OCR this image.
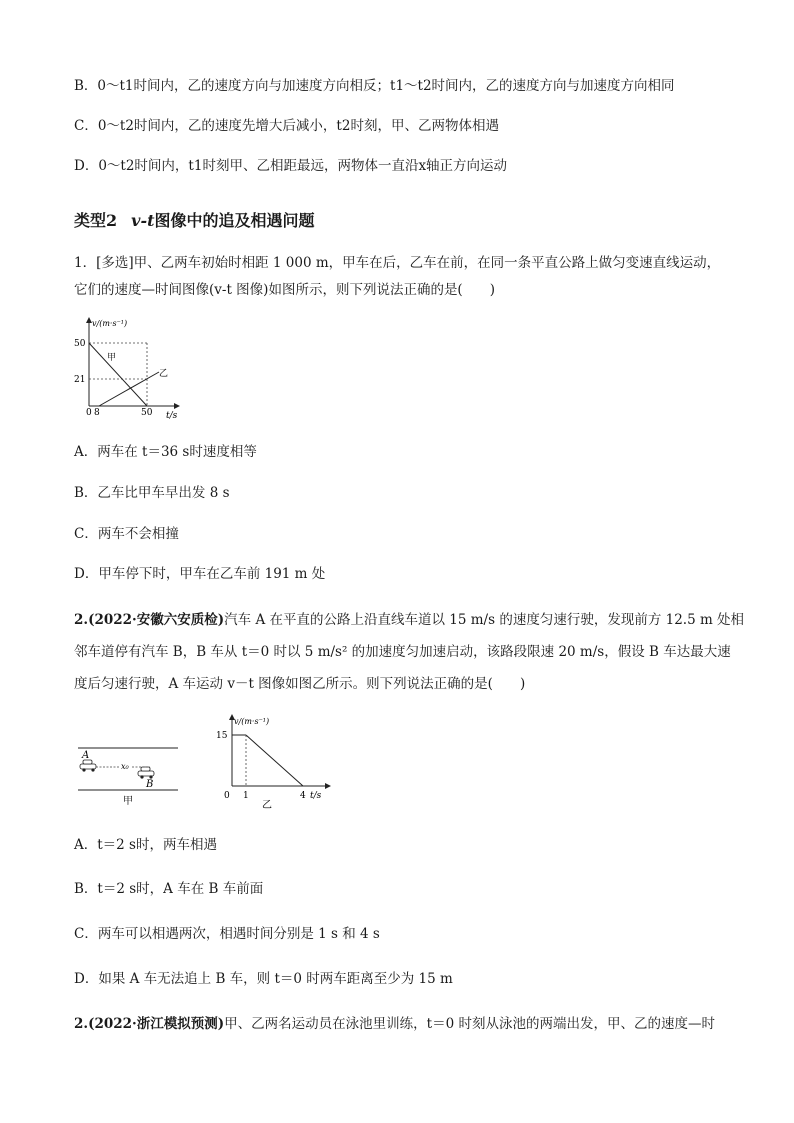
B．0～t1时间内，乙的速度方向与加速度方向相反；t1～t2时间内，乙的速度方向与加速度方向相同
C．0～t2时间内，乙的速度先增大后减小，t2时刻，甲、乙两物体相遇
D．0～t2时间内，t1时刻甲、乙相距最远，两物体一直沿x轴正方向运动
类型2 v-t图像中的追及相遇问题
1．[多选]甲、乙两车初始时相距 1 000 m，甲车在后，乙车在前，在同一条平直公路上做匀变速直线运动，
它们的速度—时间图像(v-t 图像)如图所示，则下列说法正确的是(　　)
v/(m·s⁻¹)
50
21
0 8	50 t/s
甲
乙
A．两车在 t＝36 s时速度相等
B．乙车比甲车早出发 8 s
C．两车不会相撞
D．甲车停下时，甲车在乙车前 191 m 处
2.(2022·安徽六安质检)汽车 A 在平直的公路上沿直线车道以 15 m/s 的速度匀速行驶，发现前方 12.5 m 处相
邻车道停有汽车 B，B 车从 t＝0 时以 5 m/s² 的加速度匀加速启动，该路段限速 20 m/s，假设 B 车达最大速
度后匀速行驶，A 车运动 v－t 图像如图乙所示。则下列说法正确的是(　　)
A
x₀
B
甲
v/(m·s⁻¹)
15
0 1	4 t/s
乙
A．t＝2 s时，两车相遇
B．t＝2 s时，A 车在 B 车前面
C．两车可以相遇两次，相遇时间分别是 1 s 和 4 s
D．如果 A 车无法追上 B 车，则 t＝0 时两车距离至少为 15 m
2.(2022·浙江模拟预测)甲、乙两名运动员在泳池里训练，t＝0 时刻从泳池的两端出发，甲、乙的速度—时
